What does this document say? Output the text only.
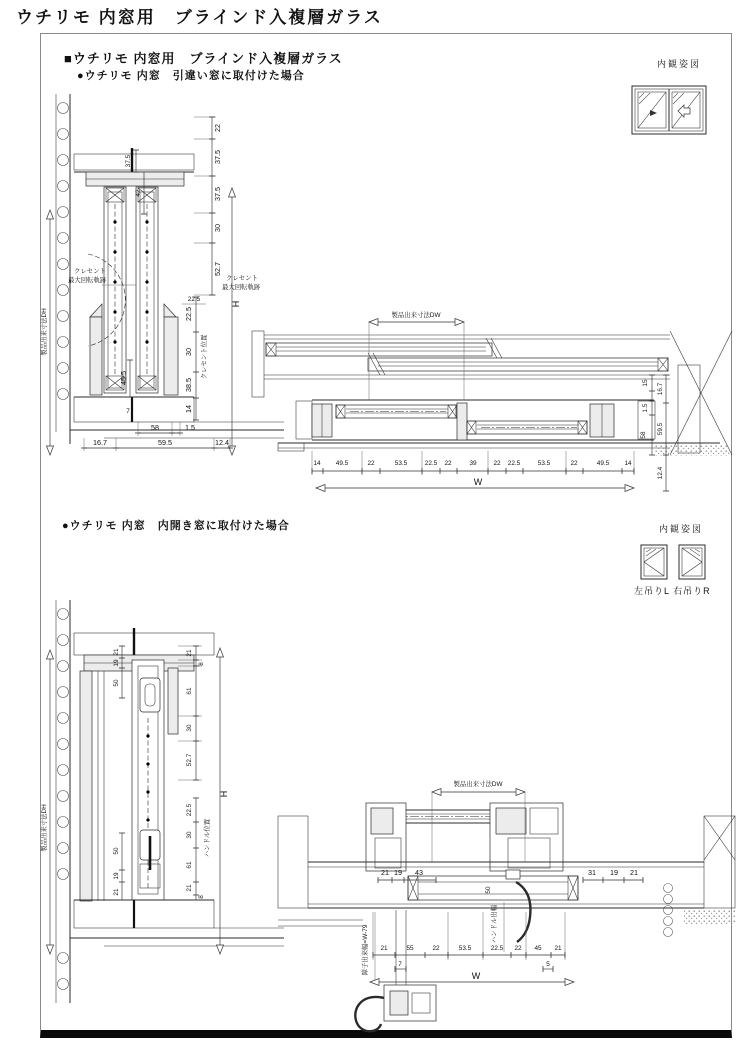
ウチリモ 内窓用　ブラインド入複層ガラス
■ウチリモ 内窓用　ブラインド入複層ガラス
●ウチリモ 内窓　引違い窓に取付けた場合
内観姿図
37.5
42
クレセント
最大回転軌跡
製品出来寸法DH
22
37.5
37.5
30
52.7
クレセント
最大回転軌跡
22.5
H
22.5
30
38.5
14
クレセント位置
45.5
7
58	1.5
16.7	59.5	12.4
製品出来寸法DW
15
1.5
58
16.7
59.5
12.4
14 49.5	22	53.5	22.5 22	39	22 22.5	53.5	22	49.5 14
W
●ウチリモ 内窓　内開き窓に取付けた場合	内観姿図
左吊りL 右吊りR
21
19
50
50
19
21
製品出来寸法DH
21
8
61
30
52.7
22.5
30
61
21
8
ハンドル位置
H
50
製品出来寸法DW
21 19 43	31 19 21
障子出来幅=W-79
ハンドル出幅
21	55	22	53.5	22.5 22 45 21
7	5
W
